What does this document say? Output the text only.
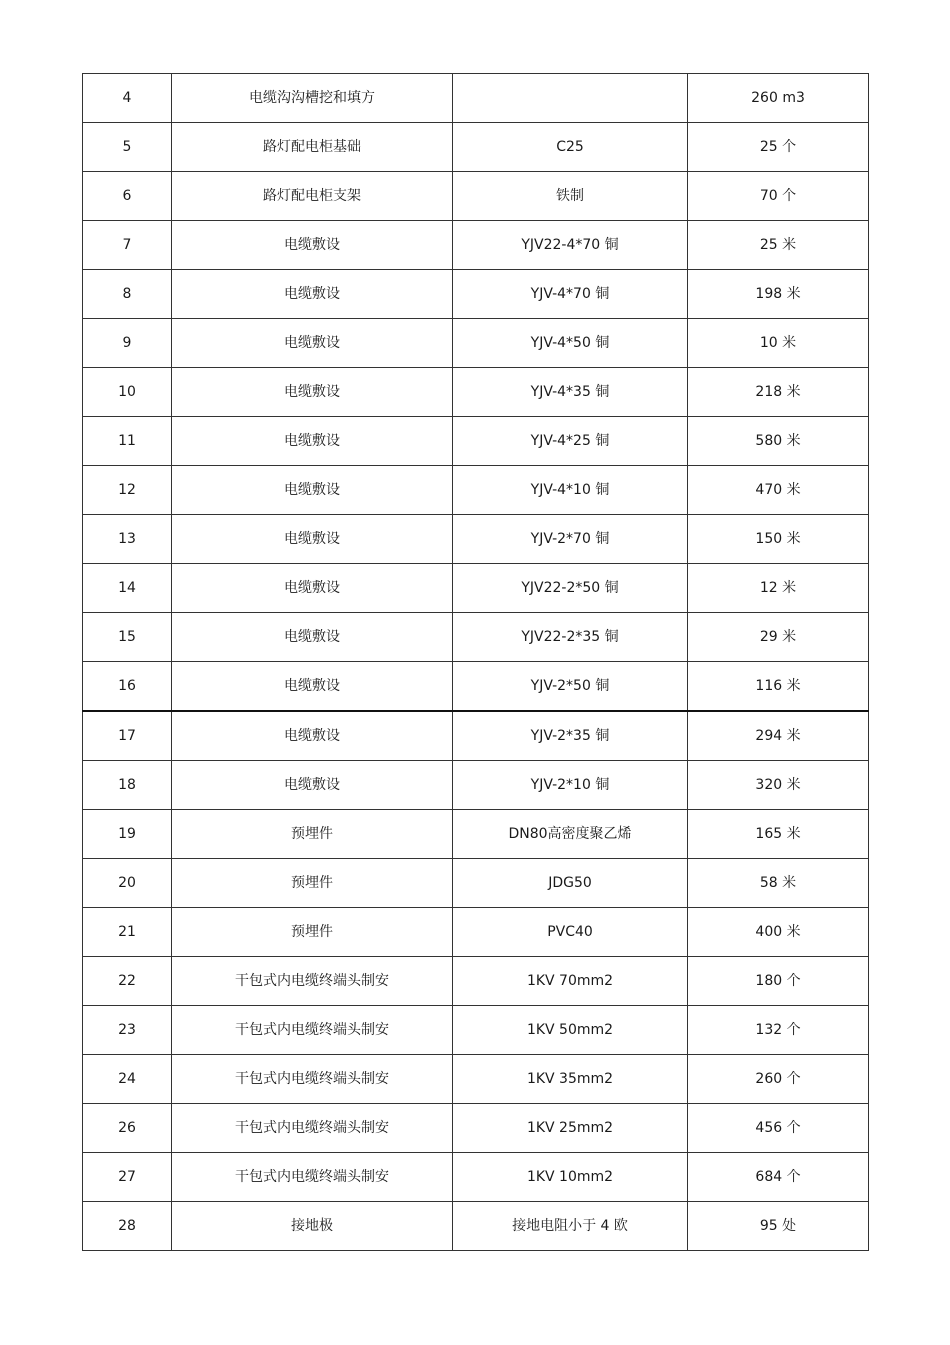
4	电缆沟沟槽挖和填方		260 m3
5	路灯配电柜基础	C25	25 个
6	路灯配电柜支架	铁制	70 个
7	电缆敷设	YJV22-4*70 铜	25 米
8	电缆敷设	YJV-4*70 铜	198 米
9	电缆敷设	YJV-4*50 铜	10 米
10	电缆敷设	YJV-4*35 铜	218 米
11	电缆敷设	YJV-4*25 铜	580 米
12	电缆敷设	YJV-4*10 铜	470 米
13	电缆敷设	YJV-2*70 铜	150 米
14	电缆敷设	YJV22-2*50 铜	12 米
15	电缆敷设	YJV22-2*35 铜	29 米
16	电缆敷设	YJV-2*50 铜	116 米
17	电缆敷设	YJV-2*35 铜	294 米
18	电缆敷设	YJV-2*10 铜	320 米
19	预埋件	DN80高密度聚乙烯	165 米
20	预埋件	JDG50	58 米
21	预埋件	PVC40	400 米
22	干包式内电缆终端头制安	1KV 70mm2	180 个
23	干包式内电缆终端头制安	1KV 50mm2	132 个
24	干包式内电缆终端头制安	1KV 35mm2	260 个
26	干包式内电缆终端头制安	1KV 25mm2	456 个
27	干包式内电缆终端头制安	1KV 10mm2	684 个
28	接地极	接地电阻小于 4 欧	95 处
